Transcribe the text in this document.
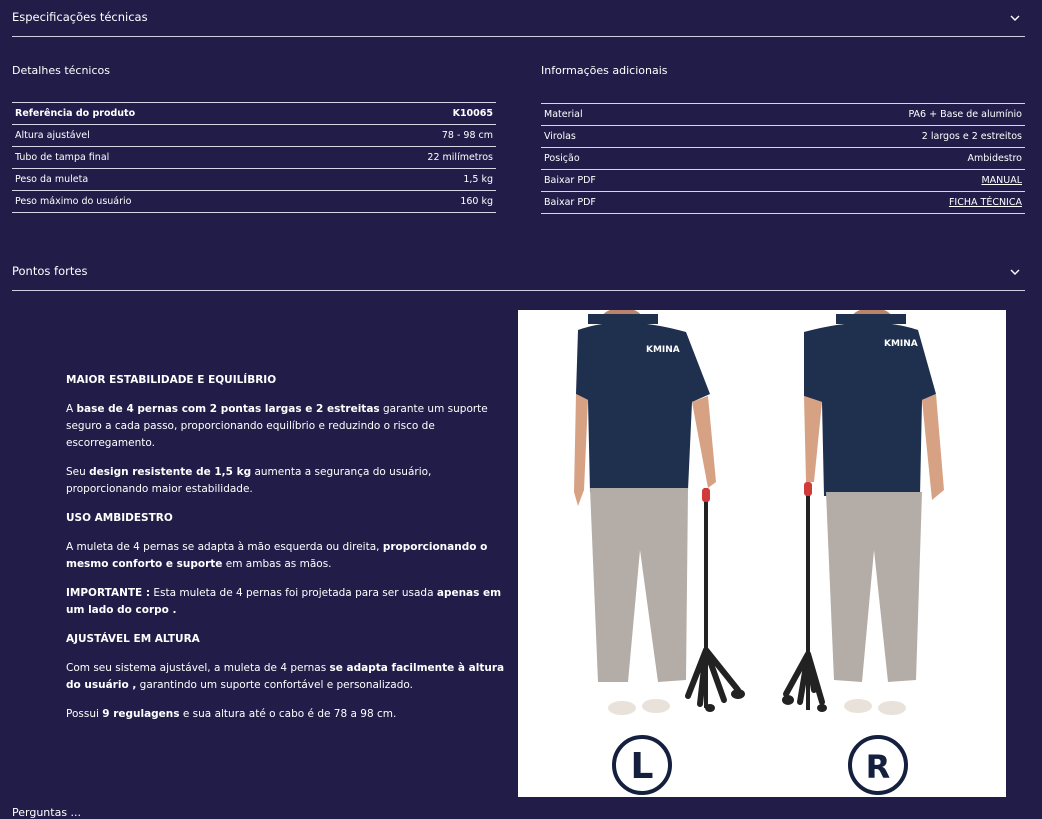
Especificações técnicas
Detalhes técnicos
Referência do produto	K10065
Altura ajustável	78 - 98 cm
Tubo de tampa final	22 milímetros
Peso da muleta	1,5 kg
Peso máximo do usuário	160 kg
Informações adicionais
Material	PA6 + Base de alumínio
Virolas	2 largos e 2 estreitos
Posição	Ambidestro
Baixar PDF	MANUAL
Baixar PDF	FICHA TÉCNICA
Pontos fortes

MAIOR ESTABILIDADE E EQUILÍBRIO

A base de 4 pernas com 2 pontas largas e 2 estreitas garante um suporte seguro a cada passo, proporcionando equilíbrio e reduzindo o risco de escorregamento.

Seu design resistente de 1,5 kg aumenta a segurança do usuário, proporcionando maior estabilidade.

USO AMBIDESTRO

A muleta de 4 pernas se adapta à mão esquerda ou direita, proporcionando o mesmo conforto e suporte em ambas as mãos.

IMPORTANTE : Esta muleta de 4 pernas foi projetada para ser usada apenas em um lado do corpo .

AJUSTÁVEL EM ALTURA

Com seu sistema ajustável, a muleta de 4 pernas se adapta facilmente à altura do usuário , garantindo um suporte confortável e personalizado.

Possui 9 regulagens e sua altura até o cabo é de 78 a 98 cm.

KMINA
KMINA
L	R
Perguntas ...
